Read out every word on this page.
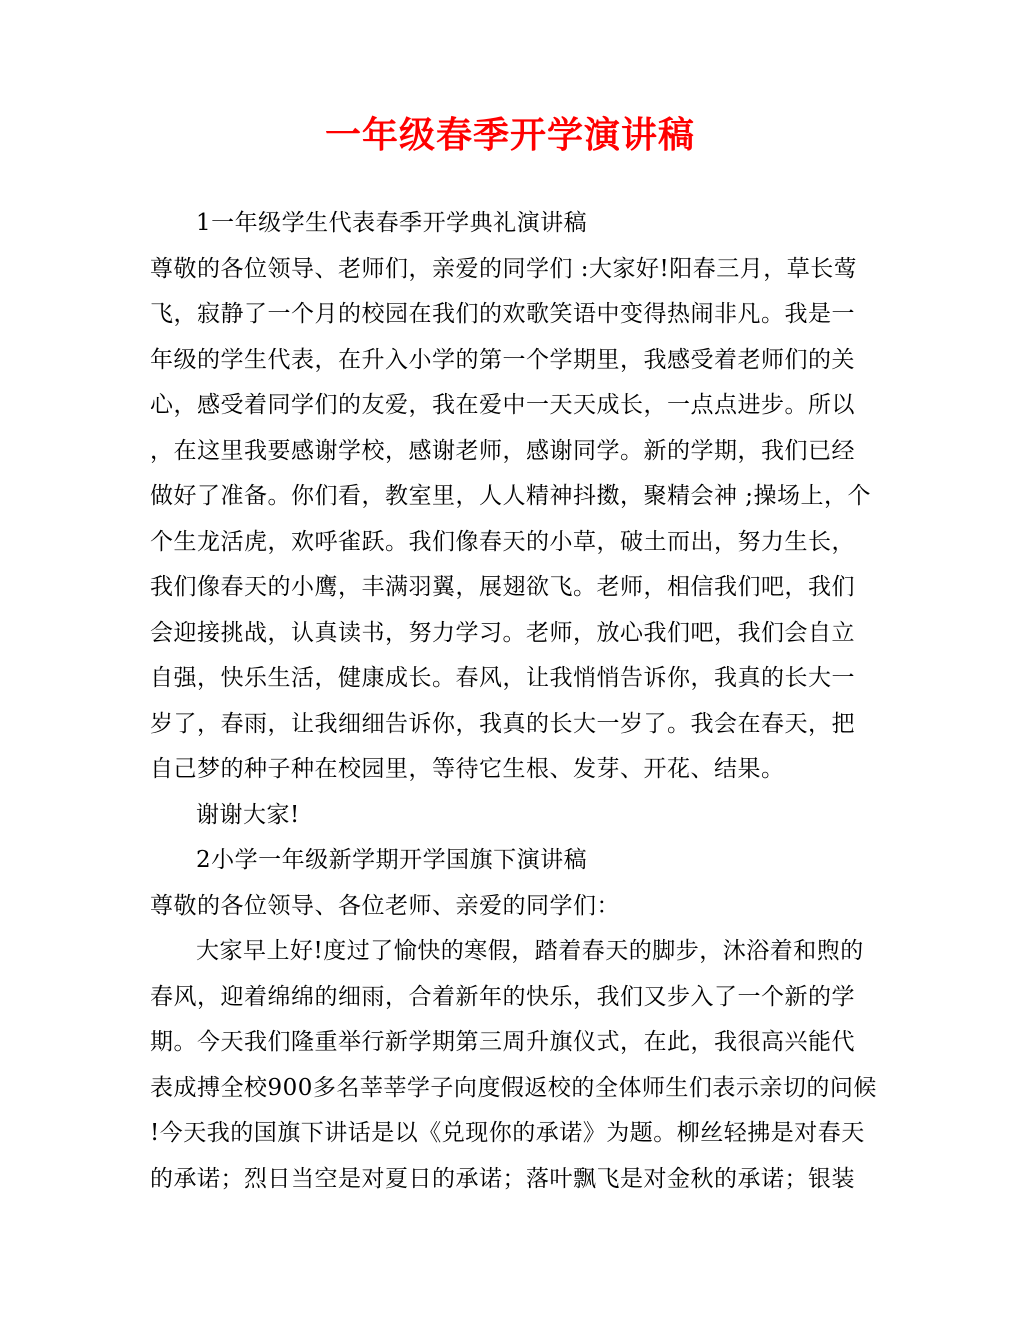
一年级春季开学演讲稿
1一年级学生代表春季开学典礼演讲稿
尊敬的各位领导、老师们，亲爱的同学们 :大家好!阳春三月，草长莺
飞，寂静了一个月的校园在我们的欢歌笑语中变得热闹非凡。我是一
年级的学生代表，在升入小学的第一个学期里，我感受着老师们的关
心，感受着同学们的友爱，我在爱中一天天成长，一点点进步。所以
，在这里我要感谢学校，感谢老师，感谢同学。新的学期，我们已经
做好了准备。你们看，教室里，人人精神抖擞，聚精会神 ;操场上，个
个生龙活虎，欢呼雀跃。我们像春天的小草，破土而出，努力生长，
我们像春天的小鹰，丰满羽翼，展翅欲飞。老师，相信我们吧，我们
会迎接挑战，认真读书，努力学习。老师，放心我们吧，我们会自立
自强，快乐生活，健康成长。春风，让我悄悄告诉你，我真的长大一
岁了，春雨，让我细细告诉你，我真的长大一岁了。我会在春天，把
自己梦的种子种在校园里，等待它生根、发芽、开花、结果。
谢谢大家!
2小学一年级新学期开学国旗下演讲稿
尊敬的各位领导、各位老师、亲爱的同学们：
大家早上好!度过了愉快的寒假，踏着春天的脚步，沐浴着和煦的
春风，迎着绵绵的细雨，合着新年的快乐，我们又步入了一个新的学
期。今天我们隆重举行新学期第三周升旗仪式，在此，我很高兴能代
表成搏全校900多名莘莘学子向度假返校的全体师生们表示亲切的问候
!今天我的国旗下讲话是以《兑现你的承诺》为题。柳丝轻拂是对春天
的承诺；烈日当空是对夏日的承诺；落叶飘飞是对金秋的承诺；银装
